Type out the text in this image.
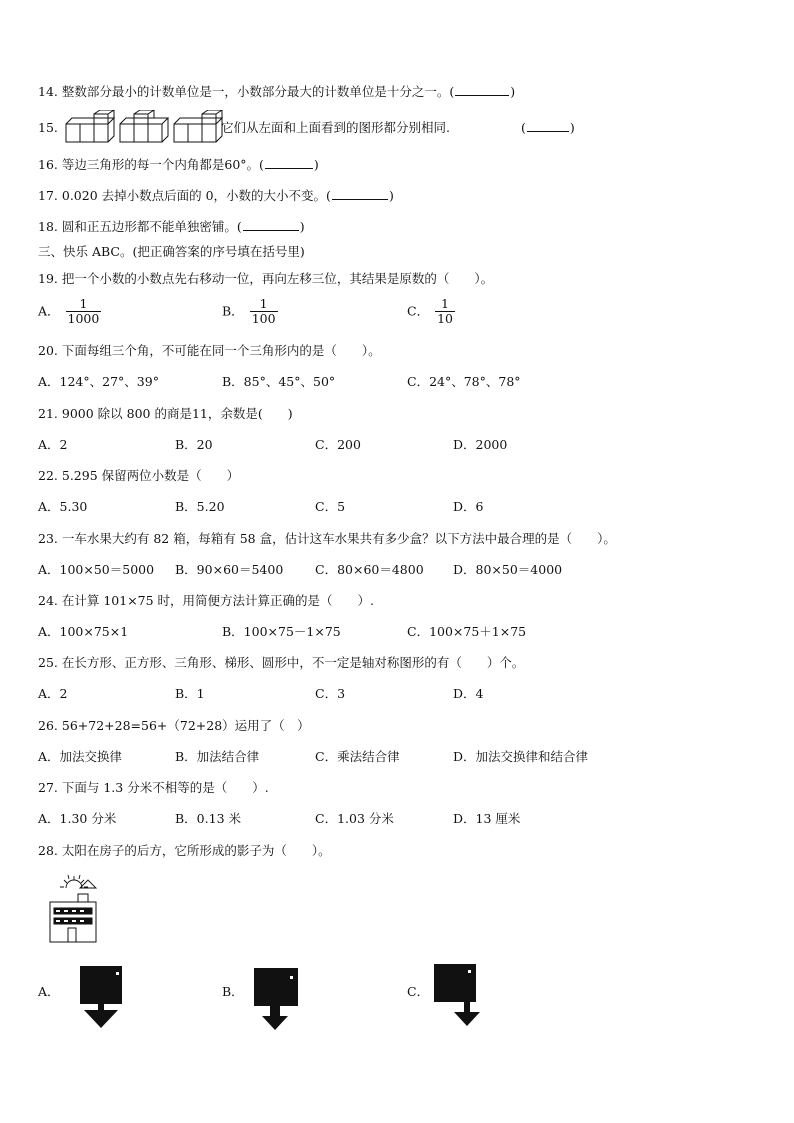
14. 整数部分最小的计数单位是一，小数部分最大的计数单位是十分之一。(	)
15.	它们从左面和上面看到的图形都分别相同.	(	)
16. 等边三角形的每一个内角都是60°。(	)
17. 0.020 去掉小数点后面的 0，小数的大小不变。(	)
18. 圆和正五边形都不能单独密铺。(	)
三、快乐 ABC。(把正确答案的序号填在括号里)
19. 把一个小数的小数点先右移动一位，再向左移三位，其结果是原数的（　　）。
A． $\frac{1}{1000}$	B． $\frac{1}{100}$	C． $\frac{1}{10}$
20. 下面每组三个角，不可能在同一个三角形内的是（　　）。
A．124°、27°、39°	B．85°、45°、50°	C．24°、78°、78°
21. 9000 除以 800 的商是11，余数是(　　)
A．2	B．20	C．200	D．2000
22. 5.295 保留两位小数是（　　）
A．5.30	B．5.20	C．5	D．6
23. 一车水果大约有 82 箱，每箱有 58 盒，估计这车水果共有多少盒？以下方法中最合理的是（　　）。
A．100×50＝5000 B．90×60＝5400	C．80×60＝4800 D．80×50＝4000
24. 在计算 101×75 时，用简便方法计算正确的是（　　）.
A．100×75×1	B．100×75－1×75	C．100×75＋1×75
25. 在长方形、正方形、三角形、梯形、圆形中，不一定是轴对称图形的有（　　）个。
A．2	B．1	C．3	D．4
26. 56+72+28=56+（72+28）运用了（　）
A．加法交换律	B．加法结合律	C．乘法结合律	D．加法交换律和结合律
27. 下面与 1.3 分米不相等的是（　　）.
A．1.30 分米	B．0.13 米	C．1.03 分米	D．13 厘米
28. 太阳在房子的后方，它所形成的影子为（　　）。
A．	B．	C．
